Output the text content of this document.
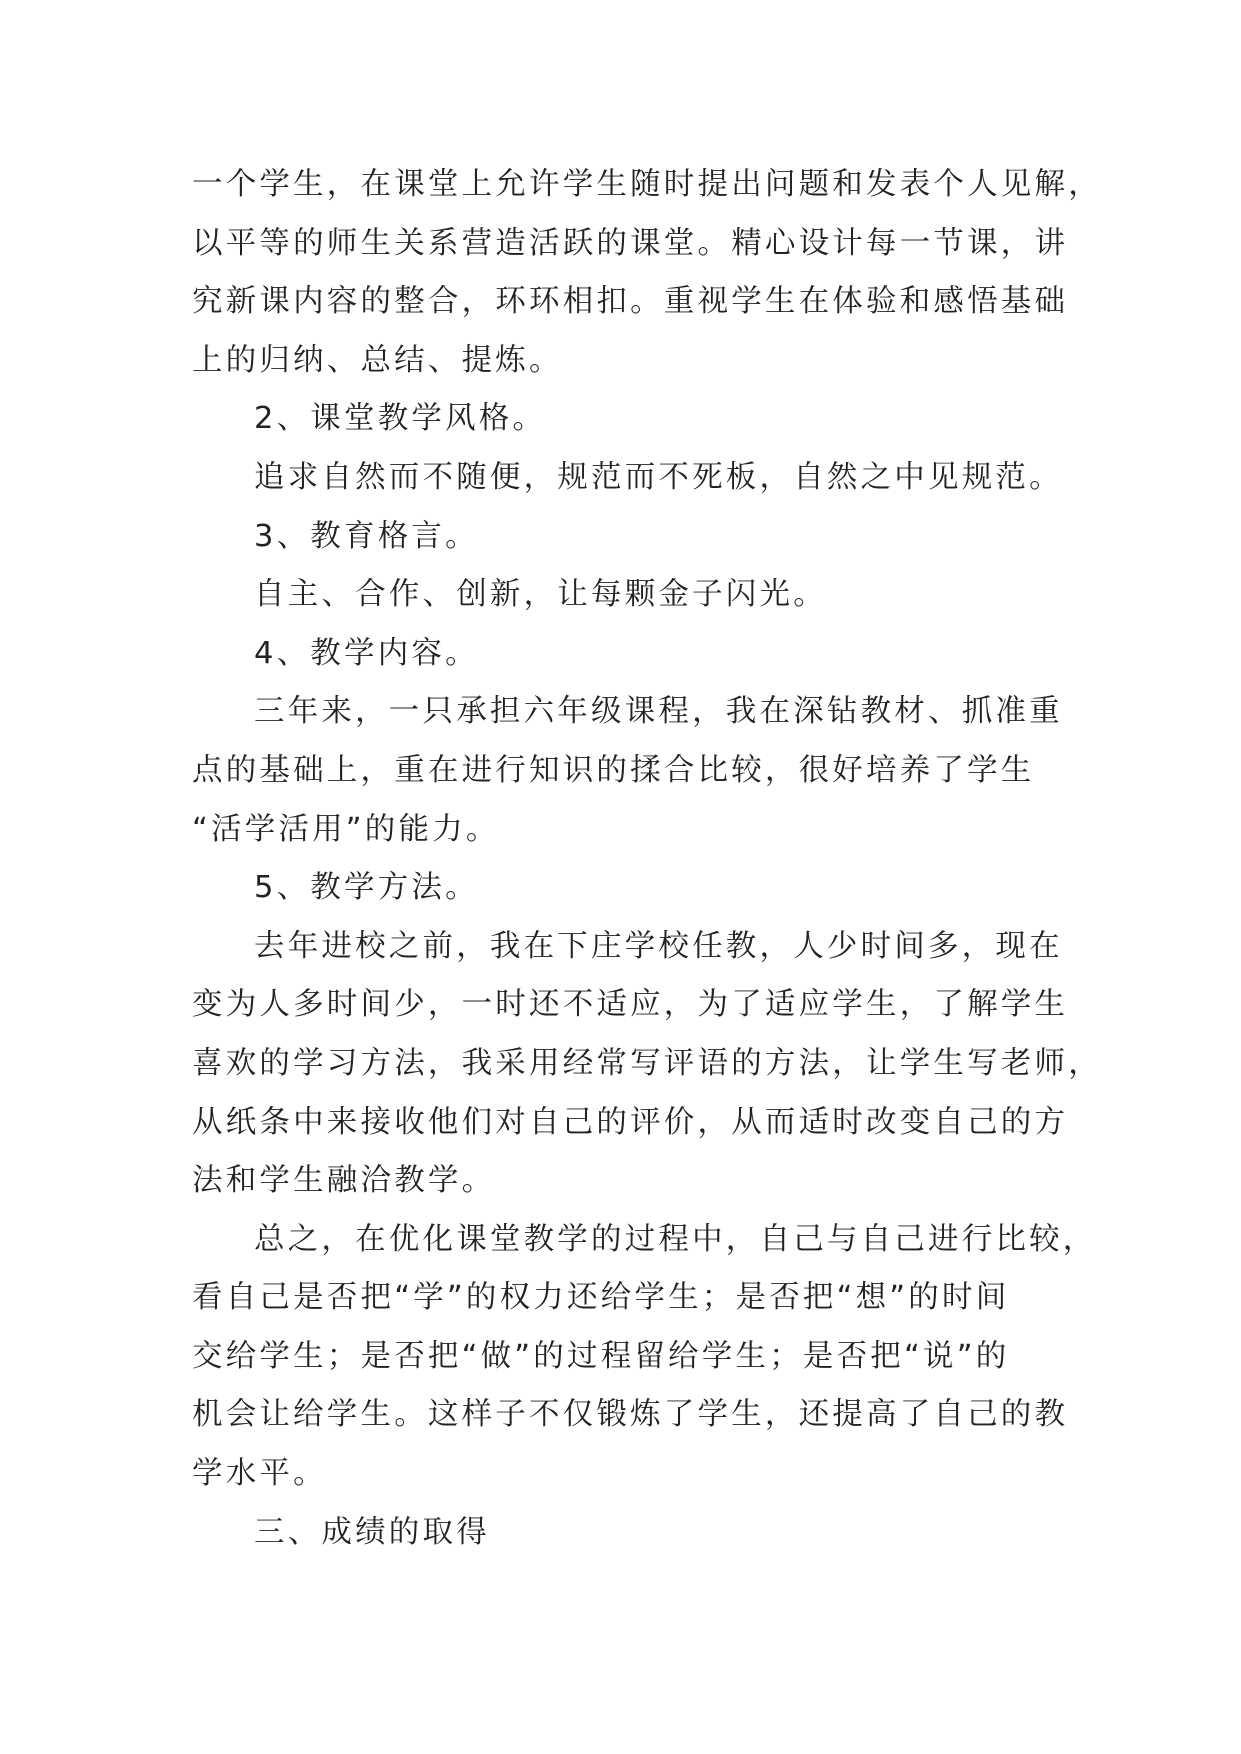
一个学生，在课堂上允许学生随时提出问题和发表个人见解，
以平等的师生关系营造活跃的课堂。精心设计每一节课，讲
究新课内容的整合，环环相扣。重视学生在体验和感悟基础
上的归纳、总结、提炼。
2、课堂教学风格。
追求自然而不随便，规范而不死板，自然之中见规范。
3、教育格言。
自主、合作、创新，让每颗金子闪光。
4、教学内容。
三年来，一只承担六年级课程，我在深钻教材、抓准重
点的基础上，重在进行知识的揉合比较，很好培养了学生
“活学活用”的能力。
5、教学方法。
去年进校之前，我在下庄学校任教，人少时间多，现在
变为人多时间少，一时还不适应，为了适应学生，了解学生
喜欢的学习方法，我采用经常写评语的方法，让学生写老师，
从纸条中来接收他们对自己的评价，从而适时改变自己的方
法和学生融洽教学。
总之，在优化课堂教学的过程中，自己与自己进行比较，
看自己是否把“学”的权力还给学生；是否把“想”的时间
交给学生；是否把“做”的过程留给学生；是否把“说”的
机会让给学生。这样子不仅锻炼了学生，还提高了自己的教
学水平。
三、成绩的取得
